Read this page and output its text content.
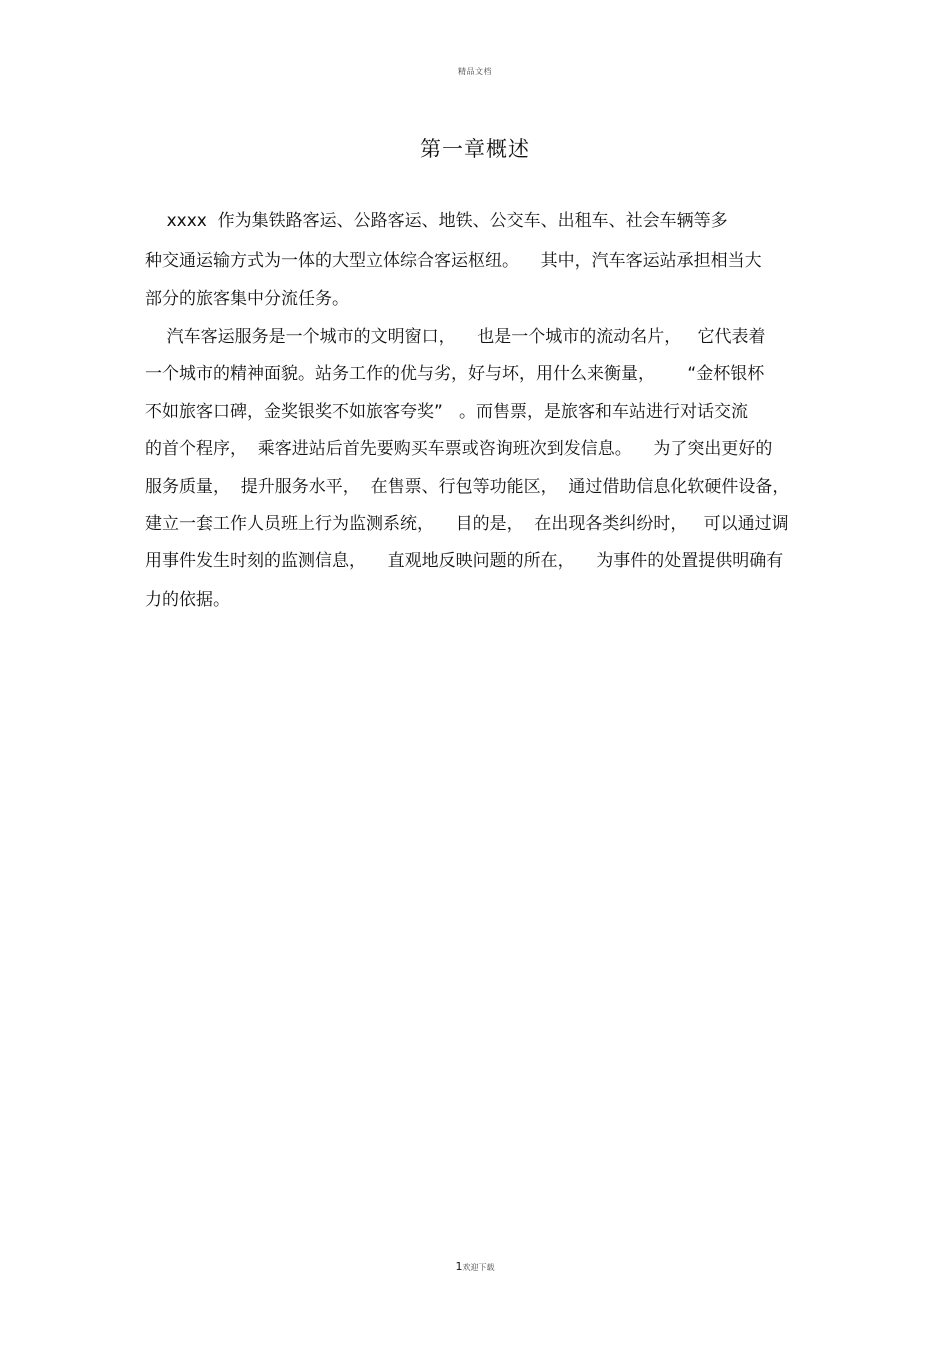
精品文档
第一章概述

xxxx  作为集铁路客运、公路客运、地铁、公交车、出租车、社会车辆等多

种交通运输方式为一体的大型立体综合客运枢纽。    其中，汽车客运站承担相当大

部分的旅客集中分流任务。

汽车客运服务是一个城市的文明窗口，    也是一个城市的流动名片，   它代表着

一个城市的精神面貌。站务工作的优与劣，好与坏，用什么来衡量，      “金杯银杯

不如旅客口碑，金奖银奖不如旅客夸奖”   。而售票，是旅客和车站进行对话交流

的首个程序，  乘客进站后首先要购买车票或咨询班次到发信息。    为了突出更好的

服务质量，  提升服务水平，  在售票、行包等功能区，  通过借助信息化软硬件设备，

建立一套工作人员班上行为监测系统，    目的是，  在出现各类纠纷时，   可以通过调

用事件发生时刻的监测信息，    直观地反映问题的所在，    为事件的处置提供明确有

力的依据。

1欢迎下载
